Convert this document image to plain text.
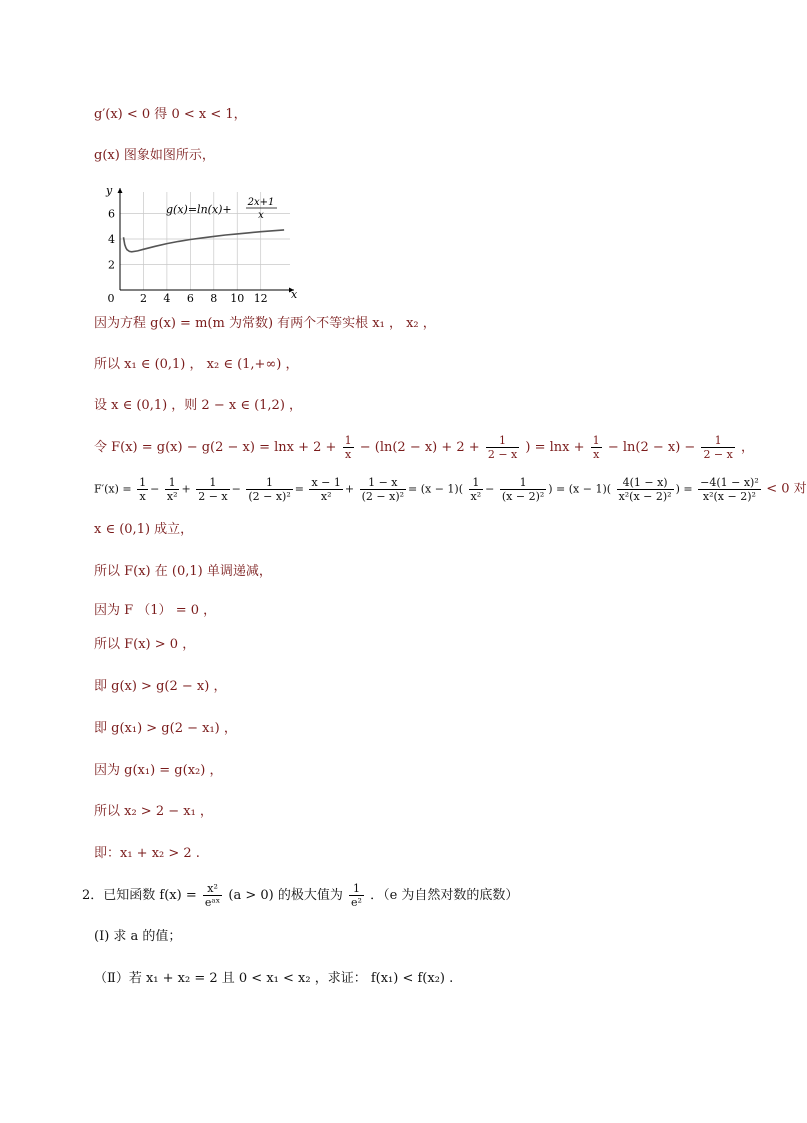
g′(x) < 0 得 0 < x < 1，
g(x) 图象如图所示，
0 2 4 6 8 10 12
2
4
6
y
x
g(x)=ln(x)+
2x+1
x
因为方程 g(x) = m(m 为常数) 有两个不等实根 x₁ ， x₂ ，
所以 x₁ ∈ (0,1) ， x₂ ∈ (1,+∞) ，
设 x ∈ (0,1) ，则 2 − x ∈ (1,2) ，
令 $F(x) = g(x) - g(2 - x) = \ln x + 2 + \frac{1}{x} - (\ln(2 - x) + 2 + \frac{1}{2 - x}$ ) = $\ln x + \frac{1}{x} - \ln(2 - x) - \frac{1}{2 - x}$ ，
$F'(x) = \frac{1}{x} - \frac{1}{\text{x²}} + \frac{1}{2 - x} - \frac{1}{\text{(2 − x)²}} = \frac{x - 1}{\text{x²}} + \frac{1 - x}{\text{(2 − x)²}} = (x - 1)( \frac{1}{\text{x²}} - \frac{1}{\text{(x − 2)²}}$ ) = $(x - 1)( \frac{4(1 - x)}{\text{x²(x − 2)²}}$ ) = $\frac{\text{−4(1 − x)²}}{\text{x²(x − 2)²}} < 0$ 对
x ∈ (0,1) 成立，
所以 F(x) 在 (0,1) 单调递减，
因为 F （1） = 0 ，
所以 F(x) > 0 ，
即 g(x) > g(2 − x) ，
即 g(x₁) > g(2 − x₁) ，
因为 g(x₁) = g(x₂) ，
所以 x₂ > 2 − x₁ ，
即：x₁ + x₂ > 2 .
2．已知函数 $f(x) = \frac{\text{x²}}{\text{eᵃˣ}} (a > 0)$ 的极大值为 $\frac{1}{\text{e²}}$ ．（e 为自然对数的底数）
(Ⅰ) 求 a 的值；
（Ⅱ）若 x₁ + x₂ = 2 且 0 < x₁ < x₂ ，求证： f(x₁) < f(x₂) .
